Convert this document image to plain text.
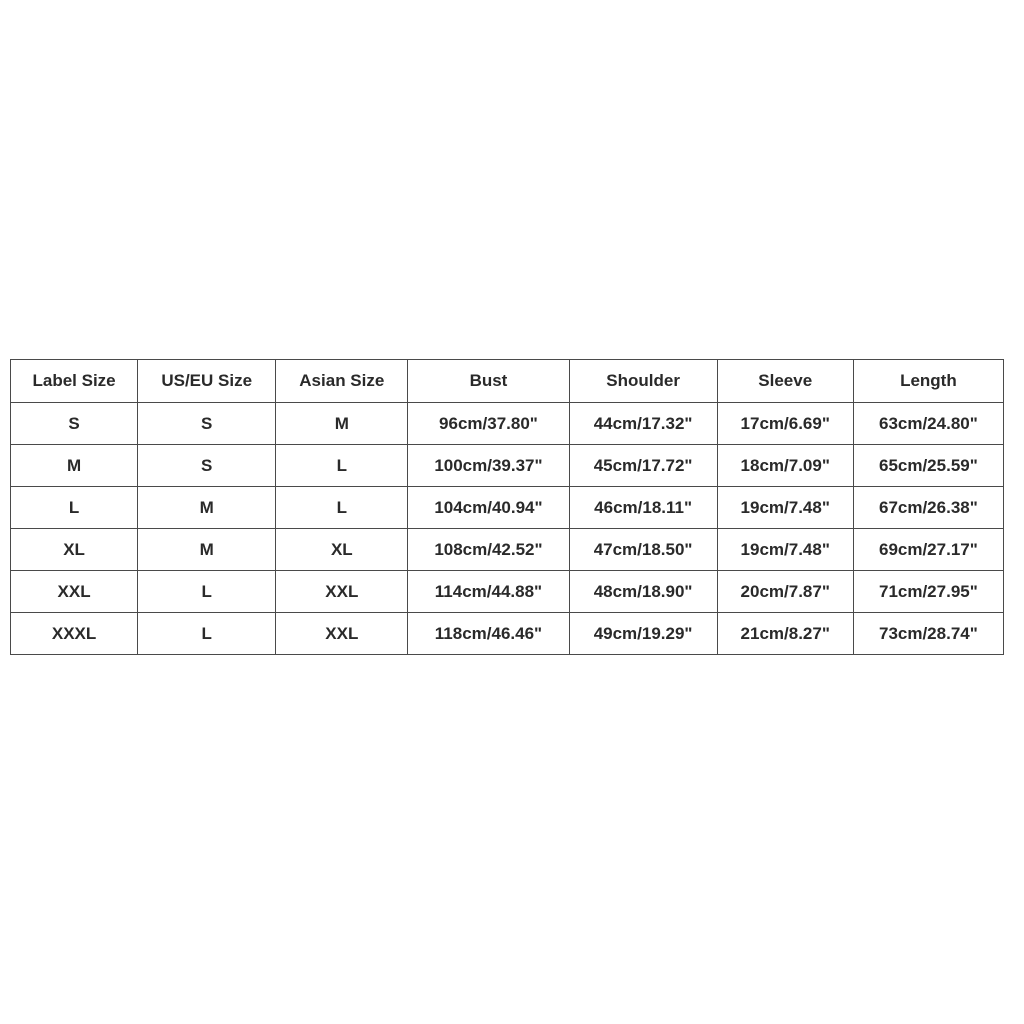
Label Size	US/EU Size	Asian Size	Bust	Shoulder	Sleeve	Length
S	S	M	96cm/37.80"	44cm/17.32"	17cm/6.69"	63cm/24.80"
M	S	L	100cm/39.37"	45cm/17.72"	18cm/7.09"	65cm/25.59"
L	M	L	104cm/40.94"	46cm/18.11"	19cm/7.48"	67cm/26.38"
XL	M	XL	108cm/42.52"	47cm/18.50"	19cm/7.48"	69cm/27.17"
XXL	L	XXL	114cm/44.88"	48cm/18.90"	20cm/7.87"	71cm/27.95"
XXXL	L	XXL	118cm/46.46"	49cm/19.29"	21cm/8.27"	73cm/28.74"
